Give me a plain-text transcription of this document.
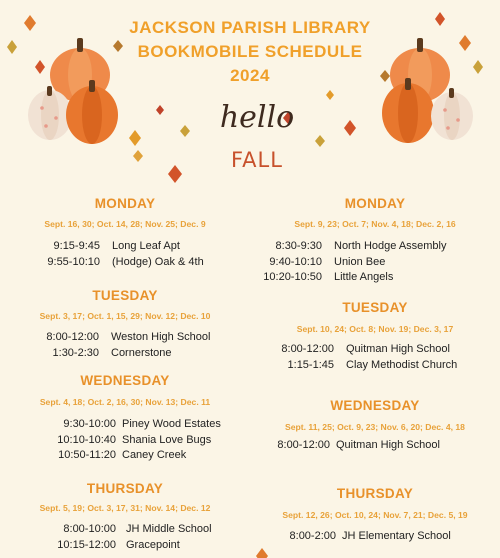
JACKSON PARISH LIBRARY
BOOKMOBILE SCHEDULE
2024
hello
FALL
MONDAY
Sept. 16, 30; Oct. 14, 28; Nov. 25; Dec. 9
9:15-9:45 Long Leaf Apt
9:55-10:10 (Hodge) Oak & 4th
TUESDAY
Sept. 3, 17; Oct. 1, 15, 29; Nov. 12; Dec. 10
8:00-12:00 Weston High School
1:30-2:30 Cornerstone
WEDNESDAY
Sept. 4, 18; Oct. 2, 16, 30; Nov. 13; Dec. 11
9:30-10:00 Piney Wood Estates
10:10-10:40 Shania Love Bugs
10:50-11:20 Caney Creek
THURSDAY
Sept. 5, 19; Oct. 3, 17, 31; Nov. 14; Dec. 12
8:00-10:00 JH Middle School
10:15-12:00 Gracepoint
MONDAY
Sept. 9, 23; Oct. 7; Nov. 4, 18; Dec. 2, 16
8:30-9:30 North Hodge Assembly
9:40-10:10 Union Bee
10:20-10:50 Little Angels
TUESDAY
Sept. 10, 24; Oct. 8; Nov. 19; Dec. 3, 17
8:00-12:00 Quitman High School
1:15-1:45 Clay Methodist Church
WEDNESDAY
Sept. 11, 25; Oct. 9, 23; Nov. 6, 20; Dec. 4, 18
8:00-12:00 Quitman High School
THURSDAY
Sept. 12, 26; Oct. 10, 24; Nov. 7, 21; Dec. 5, 19
8:00-2:00 JH Elementary School
